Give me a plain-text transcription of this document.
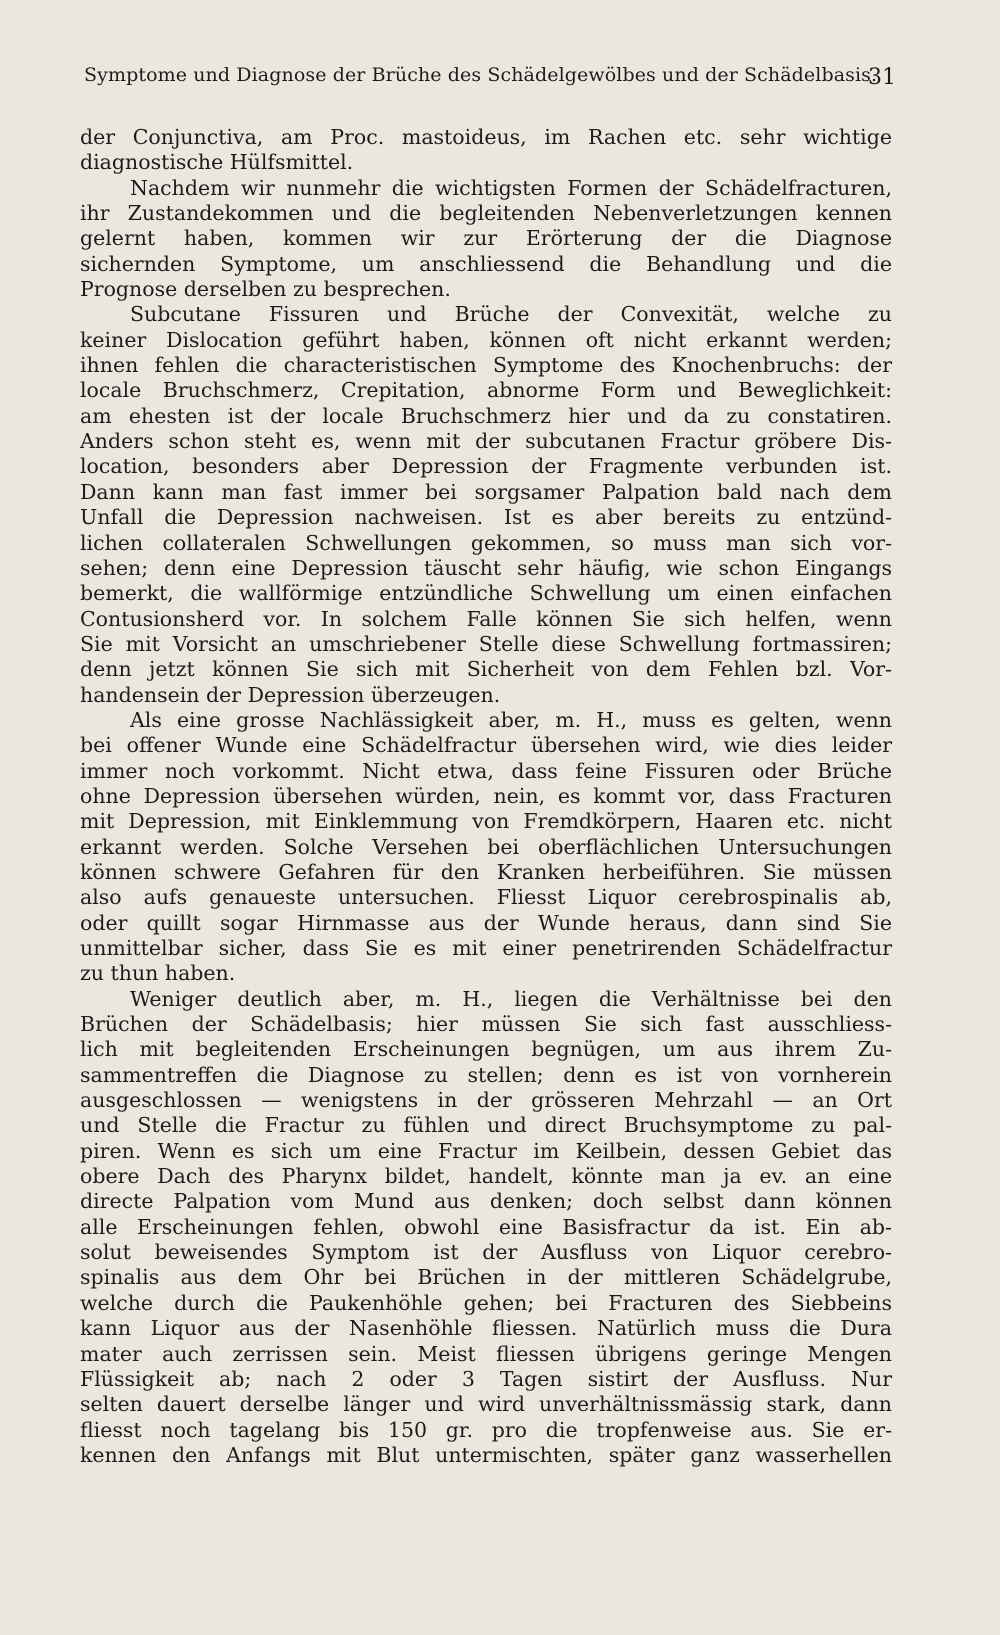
Symptome und Diagnose der Brüche des Schädelgewölbes und der Schädelbasis.
31
der Conjunctiva, am Proc. mastoideus, im Rachen etc. sehr wichtige
diagnostische Hülfsmittel.
Nachdem wir nunmehr die wichtigsten Formen der Schädelfracturen,
ihr Zustandekommen und die begleitenden Nebenverletzungen kennen
gelernt haben, kommen wir zur Erörterung der die Diagnose
sichernden Symptome, um anschliessend die Behandlung und die
Prognose derselben zu besprechen.
Subcutane Fissuren und Brüche der Convexität, welche zu
keiner Dislocation geführt haben, können oft nicht erkannt werden;
ihnen fehlen die characteristischen Symptome des Knochenbruchs: der
locale Bruchschmerz, Crepitation, abnorme Form und Beweglichkeit:
am ehesten ist der locale Bruchschmerz hier und da zu constatiren.
Anders schon steht es, wenn mit der subcutanen Fractur gröbere Dis-
location, besonders aber Depression der Fragmente verbunden ist.
Dann kann man fast immer bei sorgsamer Palpation bald nach dem
Unfall die Depression nachweisen. Ist es aber bereits zu entzünd-
lichen collateralen Schwellungen gekommen, so muss man sich vor-
sehen; denn eine Depression täuscht sehr häufig, wie schon Eingangs
bemerkt, die wallförmige entzündliche Schwellung um einen einfachen
Contusionsherd vor. In solchem Falle können Sie sich helfen, wenn
Sie mit Vorsicht an umschriebener Stelle diese Schwellung fortmassiren;
denn jetzt können Sie sich mit Sicherheit von dem Fehlen bzl. Vor-
handensein der Depression überzeugen.
Als eine grosse Nachlässigkeit aber, m. H., muss es gelten, wenn
bei offener Wunde eine Schädelfractur übersehen wird, wie dies leider
immer noch vorkommt. Nicht etwa, dass feine Fissuren oder Brüche
ohne Depression übersehen würden, nein, es kommt vor, dass Fracturen
mit Depression, mit Einklemmung von Fremdkörpern, Haaren etc. nicht
erkannt werden. Solche Versehen bei oberflächlichen Untersuchungen
können schwere Gefahren für den Kranken herbeiführen. Sie müssen
also aufs genaueste untersuchen. Fliesst Liquor cerebrospinalis ab,
oder quillt sogar Hirnmasse aus der Wunde heraus, dann sind Sie
unmittelbar sicher, dass Sie es mit einer penetrirenden Schädelfractur
zu thun haben.
Weniger deutlich aber, m. H., liegen die Verhältnisse bei den
Brüchen der Schädelbasis; hier müssen Sie sich fast ausschliess-
lich mit begleitenden Erscheinungen begnügen, um aus ihrem Zu-
sammentreffen die Diagnose zu stellen; denn es ist von vornherein
ausgeschlossen — wenigstens in der grösseren Mehrzahl — an Ort
und Stelle die Fractur zu fühlen und direct Bruchsymptome zu pal-
piren. Wenn es sich um eine Fractur im Keilbein, dessen Gebiet das
obere Dach des Pharynx bildet, handelt, könnte man ja ev. an eine
directe Palpation vom Mund aus denken; doch selbst dann können
alle Erscheinungen fehlen, obwohl eine Basisfractur da ist. Ein ab-
solut beweisendes Symptom ist der Ausfluss von Liquor cerebro-
spinalis aus dem Ohr bei Brüchen in der mittleren Schädelgrube,
welche durch die Paukenhöhle gehen; bei Fracturen des Siebbeins
kann Liquor aus der Nasenhöhle fliessen. Natürlich muss die Dura
mater auch zerrissen sein. Meist fliessen übrigens geringe Mengen
Flüssigkeit ab; nach 2 oder 3 Tagen sistirt der Ausfluss. Nur
selten dauert derselbe länger und wird unverhältnissmässig stark, dann
fliesst noch tagelang bis 150 gr. pro die tropfenweise aus. Sie er-
kennen den Anfangs mit Blut untermischten, später ganz wasserhellen
